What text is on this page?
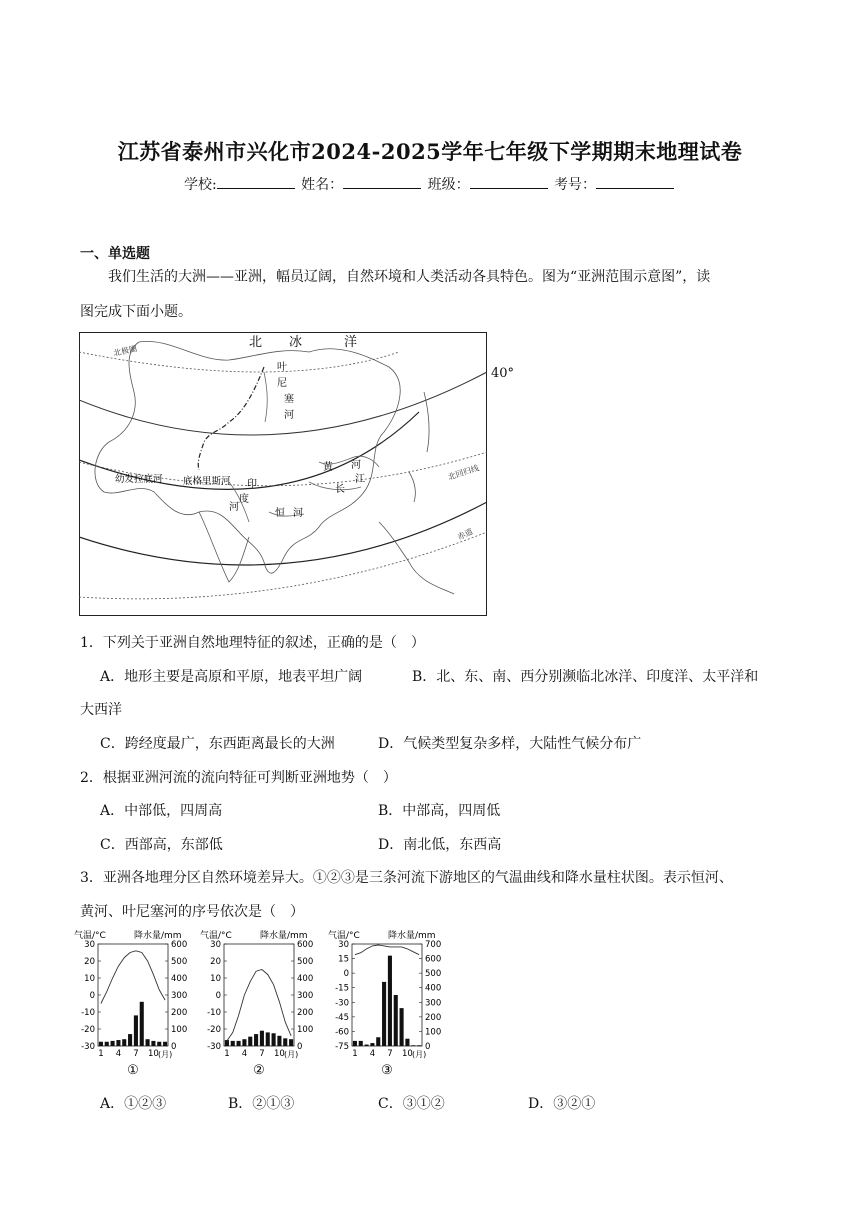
江苏省泰州市兴化市2024-2025学年七年级下学期期末地理试卷
学校:	姓名：	班级：	考号：
一、单选题
我们生活的大洲——亚洲，幅员辽阔，自然环境和人类活动各具特色。图为“亚洲范围示意图”，读
图完成下面小题。
北极圈
北 冰	洋
叶
尼
塞
河
北回归线
赤道
幼发拉底河 底格里斯河 印
度
河
恒 河
黄 河
长
江
40°
1．下列关于亚洲自然地理特征的叙述，正确的是（　）
A．地形主要是高原和平原，地表平坦广阔	B．北、东、南、西分别濒临北冰洋、印度洋、太平洋和
大西洋
C．跨经度最广，东西距离最长的大洲	D．气候类型复杂多样，大陆性气候分布广
2．根据亚洲河流的流向特征可判断亚洲地势（　）
A．中部低，四周高	B．中部高，四周低
C．西部高，东部低	D．南北低，东西高
3．亚洲各地理分区自然环境差异大。①②③是三条河流下游地区的气温曲线和降水量柱状图。表示恒河、
黄河、叶尼塞河的序号依次是（　）
气温/°C	降水量/mm
30
20
10
0
-10
-20
-30
600
500
400
300
200
100
0
1 4 7 10 (月)
①
气温/°C	降水量/mm
30
20
10
0
-10
-20
-30
600
500
400
300
200
100
0
1 4 7 10 (月)
②
气温/°C	降水量/mm
30
15
0
-15
-30
-45
-60
-75
700
600
500
400
300
200
100
0
1 4 7 10 (月)
③
A．①②③	B．②①③	C．③①②	D．③②①
